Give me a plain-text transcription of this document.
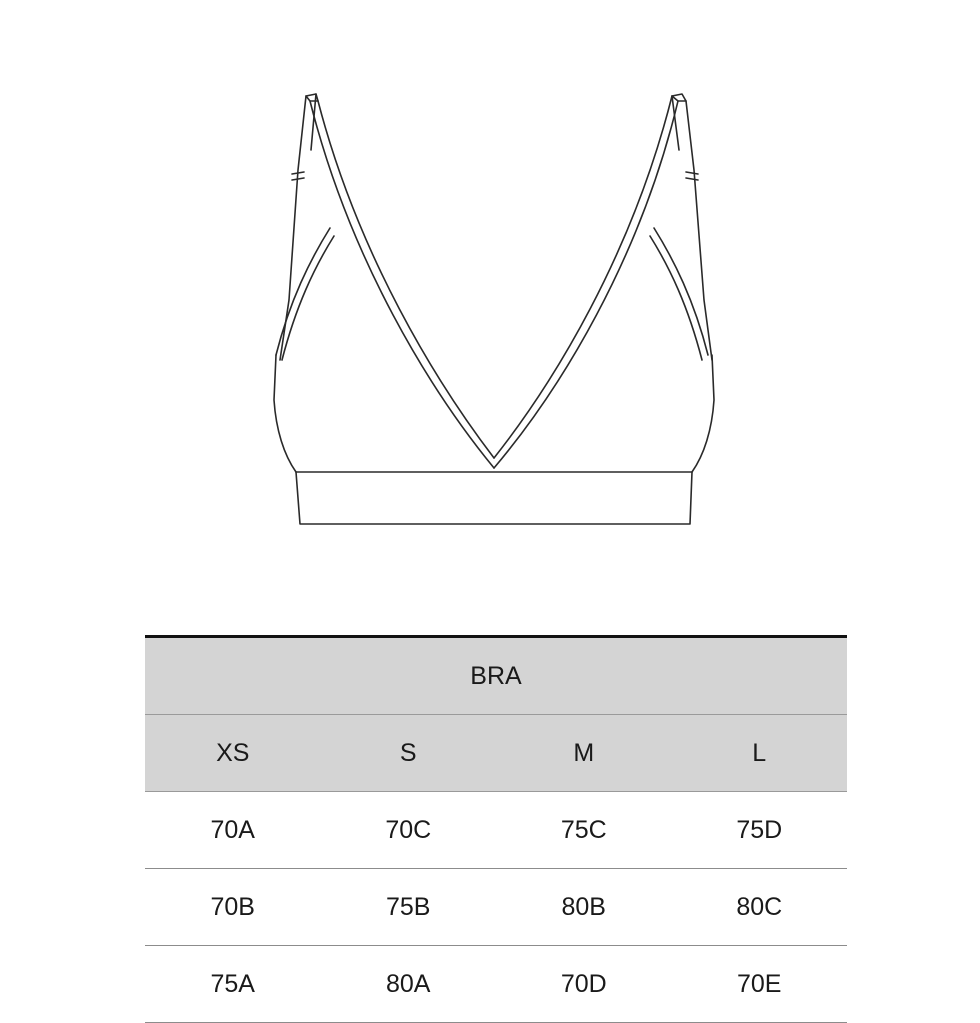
BRA			
XS	S	M	L
70A	70C	75C	75D
70B	75B	80B	80C
75A	80A	70D	70E
